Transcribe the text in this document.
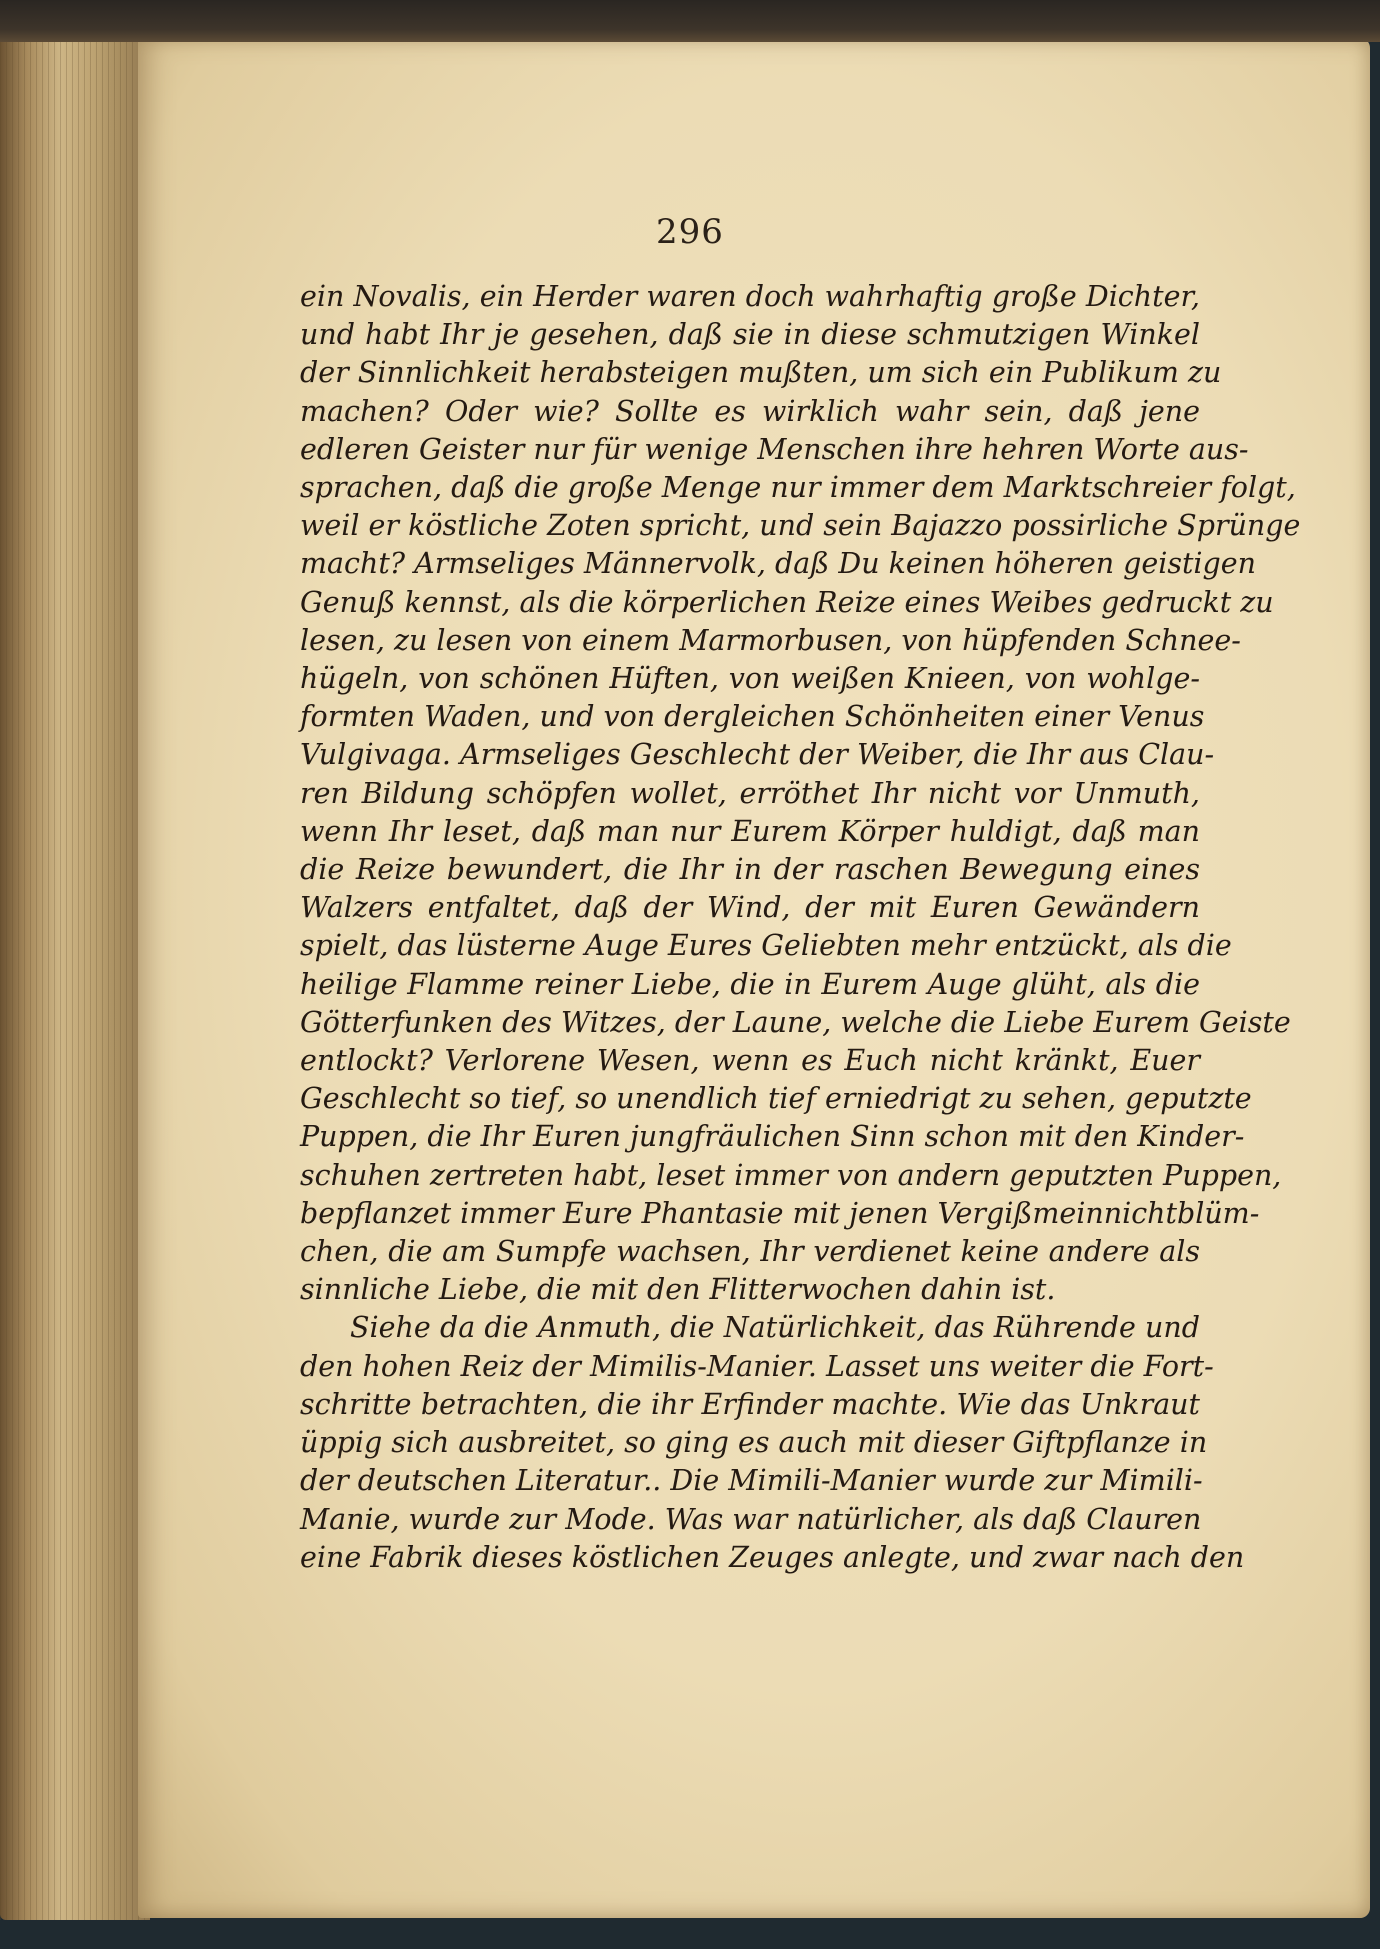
296
ein Novalis, ein Herder waren doch wahrhaftig große Dichter,
und habt Ihr je gesehen, daß sie in diese schmutzigen Winkel
der Sinnlichkeit herabsteigen mußten, um sich ein Publikum zu
machen? Oder wie? Sollte es wirklich wahr sein, daß jene
edleren Geister nur für wenige Menschen ihre hehren Worte aus-
sprachen, daß die große Menge nur immer dem Marktschreier folgt,
weil er köstliche Zoten spricht, und sein Bajazzo possirliche Sprünge
macht? Armseliges Männervolk, daß Du keinen höheren geistigen
Genuß kennst, als die körperlichen Reize eines Weibes gedruckt zu
lesen, zu lesen von einem Marmorbusen, von hüpfenden Schnee-
hügeln, von schönen Hüften, von weißen Knieen, von wohlge-
formten Waden, und von dergleichen Schönheiten einer Venus
Vulgivaga. Armseliges Geschlecht der Weiber, die Ihr aus Clau-
ren Bildung schöpfen wollet, erröthet Ihr nicht vor Unmuth,
wenn Ihr leset, daß man nur Eurem Körper huldigt, daß man
die Reize bewundert, die Ihr in der raschen Bewegung eines
Walzers entfaltet, daß der Wind, der mit Euren Gewändern
spielt, das lüsterne Auge Eures Geliebten mehr entzückt, als die
heilige Flamme reiner Liebe, die in Eurem Auge glüht, als die
Götterfunken des Witzes, der Laune, welche die Liebe Eurem Geiste
entlockt? Verlorene Wesen, wenn es Euch nicht kränkt, Euer
Geschlecht so tief, so unendlich tief erniedrigt zu sehen, geputzte
Puppen, die Ihr Euren jungfräulichen Sinn schon mit den Kinder-
schuhen zertreten habt, leset immer von andern geputzten Puppen,
bepflanzet immer Eure Phantasie mit jenen Vergißmeinnichtblüm-
chen, die am Sumpfe wachsen, Ihr verdienet keine andere als
sinnliche Liebe, die mit den Flitterwochen dahin ist.
Siehe da die Anmuth, die Natürlichkeit, das Rührende und
den hohen Reiz der Mimilis-Manier. Lasset uns weiter die Fort-
schritte betrachten, die ihr Erfinder machte. Wie das Unkraut
üppig sich ausbreitet, so ging es auch mit dieser Giftpflanze in
der deutschen Literatur.. Die Mimili-Manier wurde zur Mimili-
Manie, wurde zur Mode. Was war natürlicher, als daß Clauren
eine Fabrik dieses köstlichen Zeuges anlegte, und zwar nach den
